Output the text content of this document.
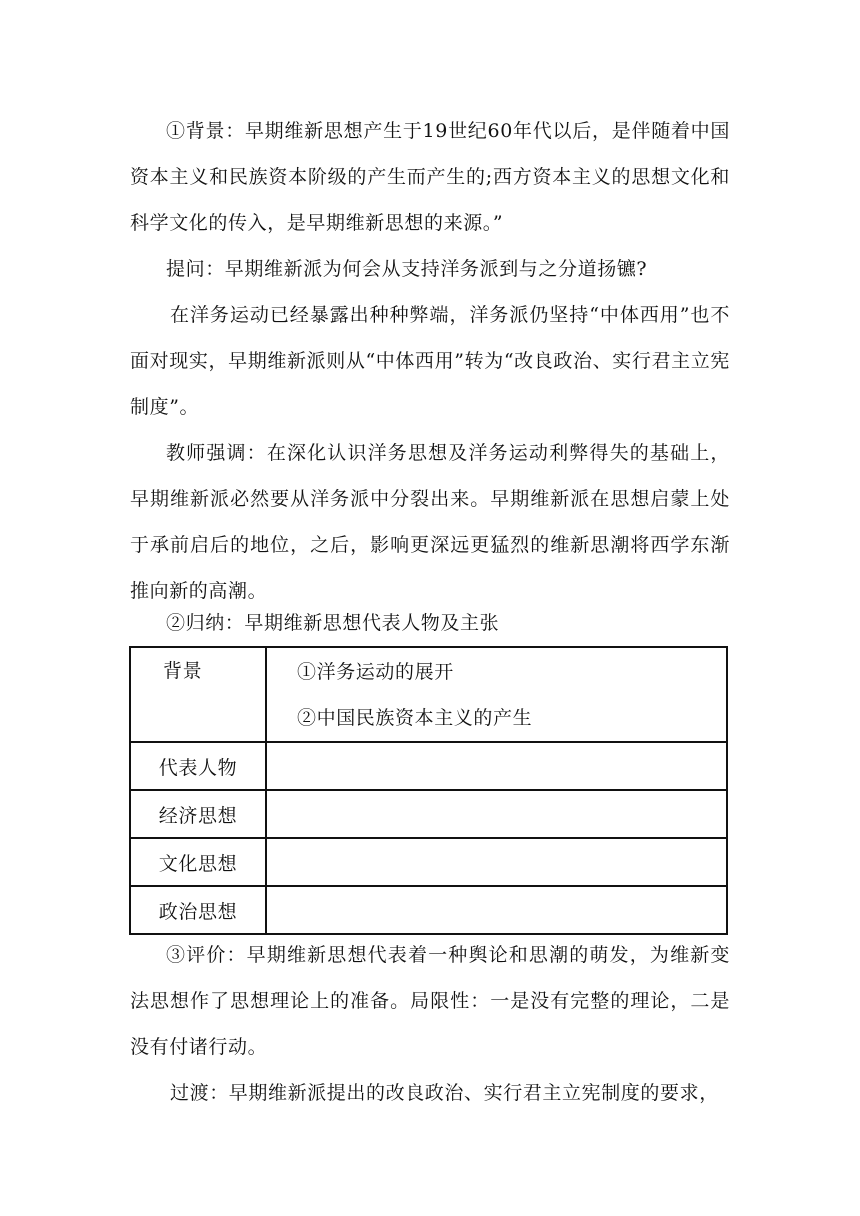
①背景：早期维新思想产生于19世纪60年代以后，是伴随着中国资本主义和民族资本阶级的产生而产生的;西方资本主义的思想文化和科学文化的传入，是早期维新思想的来源。”

提问：早期维新派为何会从支持洋务派到与之分道扬镳?

在洋务运动已经暴露出种种弊端，洋务派仍坚持“中体西用”也不面对现实，早期维新派则从“中体西用”转为“改良政治、实行君主立宪制度”。

教师强调：在深化认识洋务思想及洋务运动利弊得失的基础上，早期维新派必然要从洋务派中分裂出来。早期维新派在思想启蒙上处于承前启后的地位，之后，影响更深远更猛烈的维新思潮将西学东渐推向新的高潮。

②归纳：早期维新思想代表人物及主张

背景	①洋务运动的展开
②中国民族资本主义的产生

代表人物	
经济思想	
文化思想	
政治思想	

③评价：早期维新思想代表着一种舆论和思潮的萌发，为维新变法思想作了思想理论上的准备。局限性：一是没有完整的理论，二是没有付诸行动。

过渡：早期维新派提出的改良政治、实行君主立宪制度的要求，
